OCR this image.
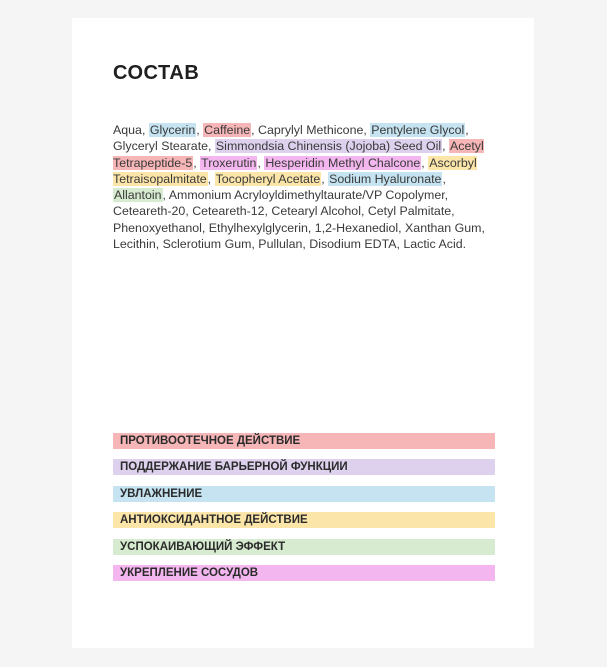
СОСТАВ
Aqua, Glycerin, Caffeine, Caprylyl Methicone, Pentylene Glycol, Glyceryl Stearate, Simmondsia Chinensis (Jojoba) Seed Oil, Acetyl Tetrapeptide-5, Troxerutin, Hesperidin Methyl Chalcone, Ascorbyl Tetraisopalmitate, Tocopheryl Acetate, Sodium Hyaluronate, Allantoin, Ammonium Acryloyldimethyltaurate/VP Copolymer, Ceteareth-20, Ceteareth-12, Cetearyl Alcohol, Cetyl Palmitate, Phenoxyethanol, Ethylhexylglycerin, 1,2-Hexanediol, Xanthan Gum, Lecithin, Sclerotium Gum, Pullulan, Disodium EDTA, Lactic Acid.
ПРОТИВООТЕЧНОЕ ДЕЙСТВИЕ
ПОДДЕРЖАНИЕ БАРЬЕРНОЙ ФУНКЦИИ
УВЛАЖНЕНИЕ
АНТИОКСИДАНТНОЕ ДЕЙСТВИЕ
УСПОКАИВАЮЩИЙ ЭФФЕКТ
УКРЕПЛЕНИЕ СОСУДОВ
